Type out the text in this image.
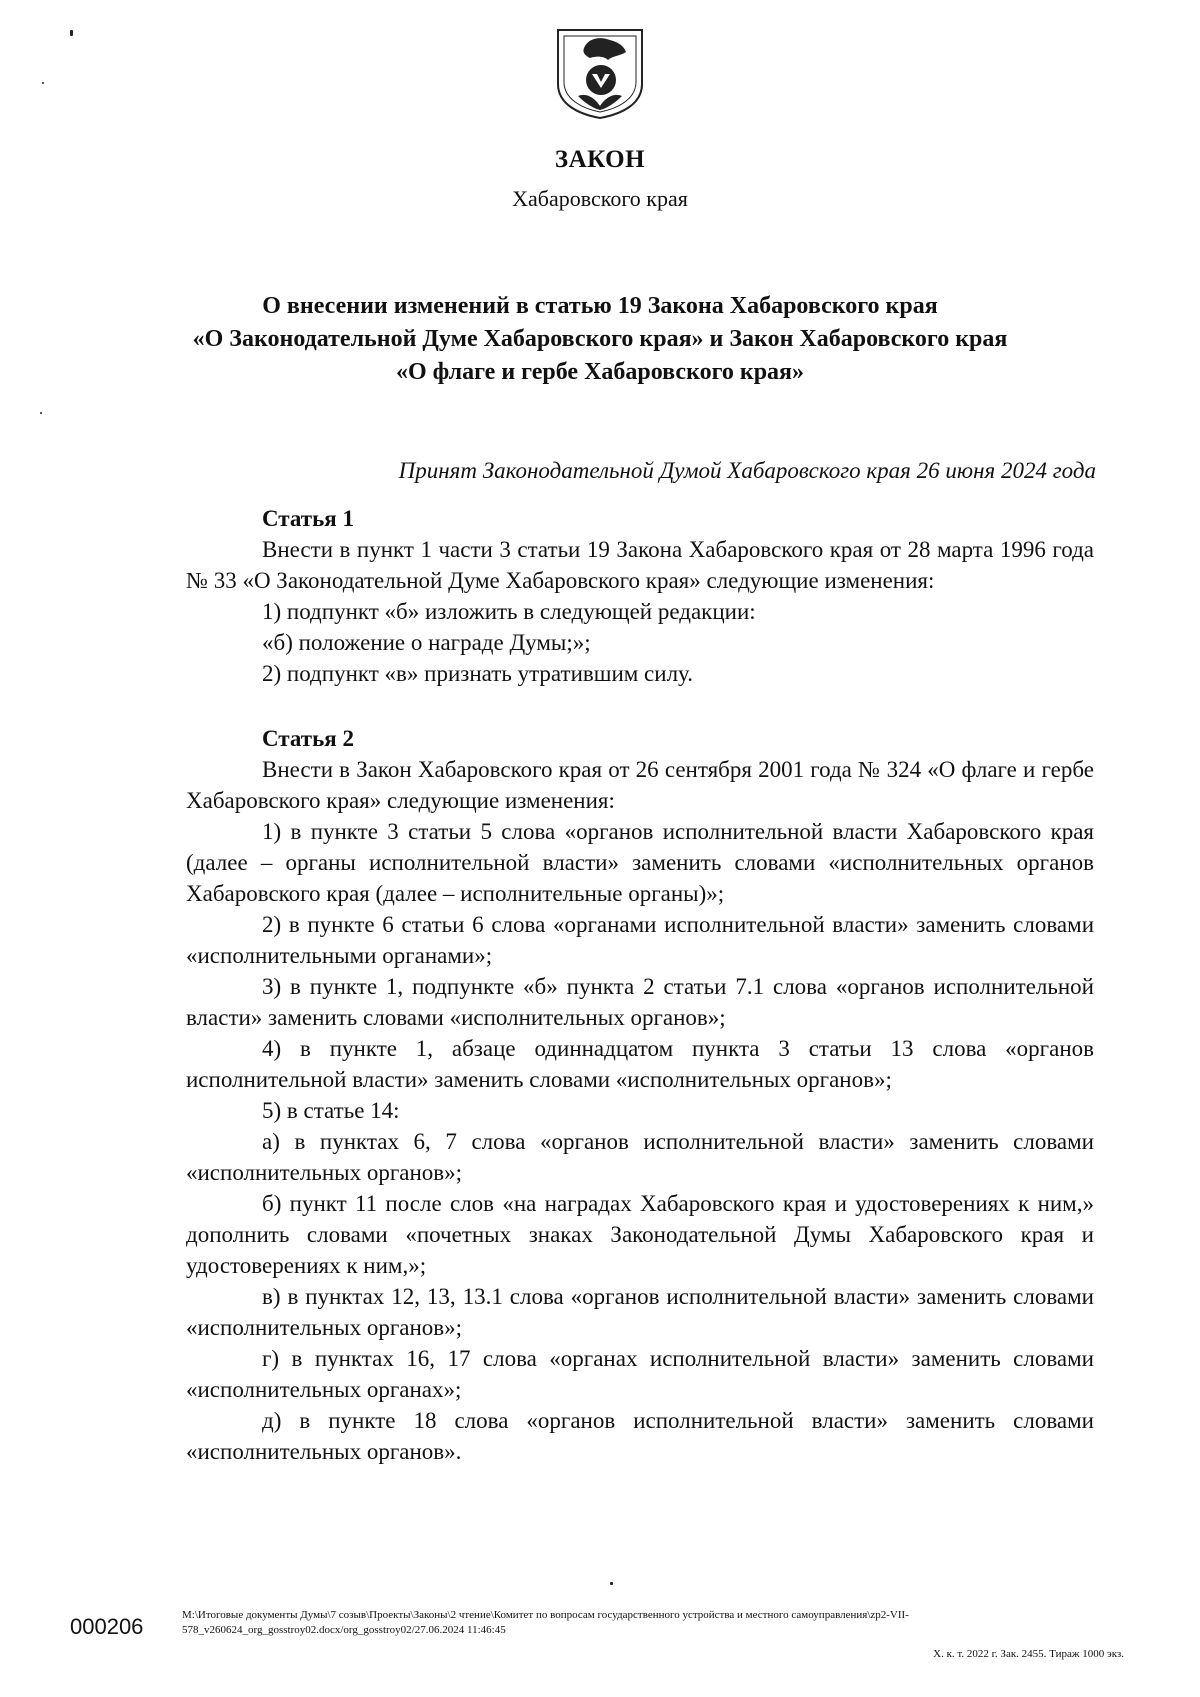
ЗАКОН
Хабаровского края
О внесении изменений в статью 19 Закона Хабаровского края
«О Законодательной Думе Хабаровского края» и Закон Хабаровского края
«О флаге и гербе Хабаровского края»
Принят Законодательной Думой Хабаровского края 26 июня 2024 года

Статья 1

Внести в пункт 1 части 3 статьи 19 Закона Хабаровского края от 28 марта 1996 года № 33 «О Законодательной Думе Хабаровского края» следующие изменения:

1) подпункт «б» изложить в следующей редакции:

«б) положение о награде Думы;»;

2) подпункт «в» признать утратившим силу.

Статья 2

Внести в Закон Хабаровского края от 26 сентября 2001 года № 324 «О флаге и гербе Хабаровского края» следующие изменения:

1) в пункте 3 статьи 5 слова «органов исполнительной власти Хабаровского края (далее – органы исполнительной власти» заменить словами «исполнительных органов Хабаровского края (далее – исполнительные органы)»;

2) в пункте 6 статьи 6 слова «органами исполнительной власти» заменить словами «исполнительными органами»;

3) в пункте 1, подпункте «б» пункта 2 статьи 7.1 слова «органов исполнительной власти» заменить словами «исполнительных органов»;

4) в пункте 1, абзаце одиннадцатом пункта 3 статьи 13 слова «органов исполнительной власти» заменить словами «исполнительных органов»;

5) в статье 14:

а) в пунктах 6, 7 слова «органов исполнительной власти» заменить словами «исполнительных органов»;

б) пункт 11 после слов «на наградах Хабаровского края и удостоверениях к ним,» дополнить словами «почетных знаках Законодательной Думы Хабаровского края и удостоверениях к ним,»;

в) в пунктах 12, 13, 13.1 слова «органов исполнительной власти» заменить словами «исполнительных органов»;

г) в пунктах 16, 17 слова «органах исполнительной власти» заменить словами «исполнительных органах»;

д) в пункте 18 слова «органов исполнительной власти» заменить словами «исполнительных органов».

000206	M:\Итоговые документы Думы\7 созыв\Проекты\Законы\2 чтение\Комитет по вопросам государственного устройства и местного самоуправления\zp2-VII-578_v260624_org_gosstroy02.docx/org_gosstroy02/27.06.2024 11:46:45
Х. к. т. 2022 г. Зак. 2455. Тираж 1000 экз.
